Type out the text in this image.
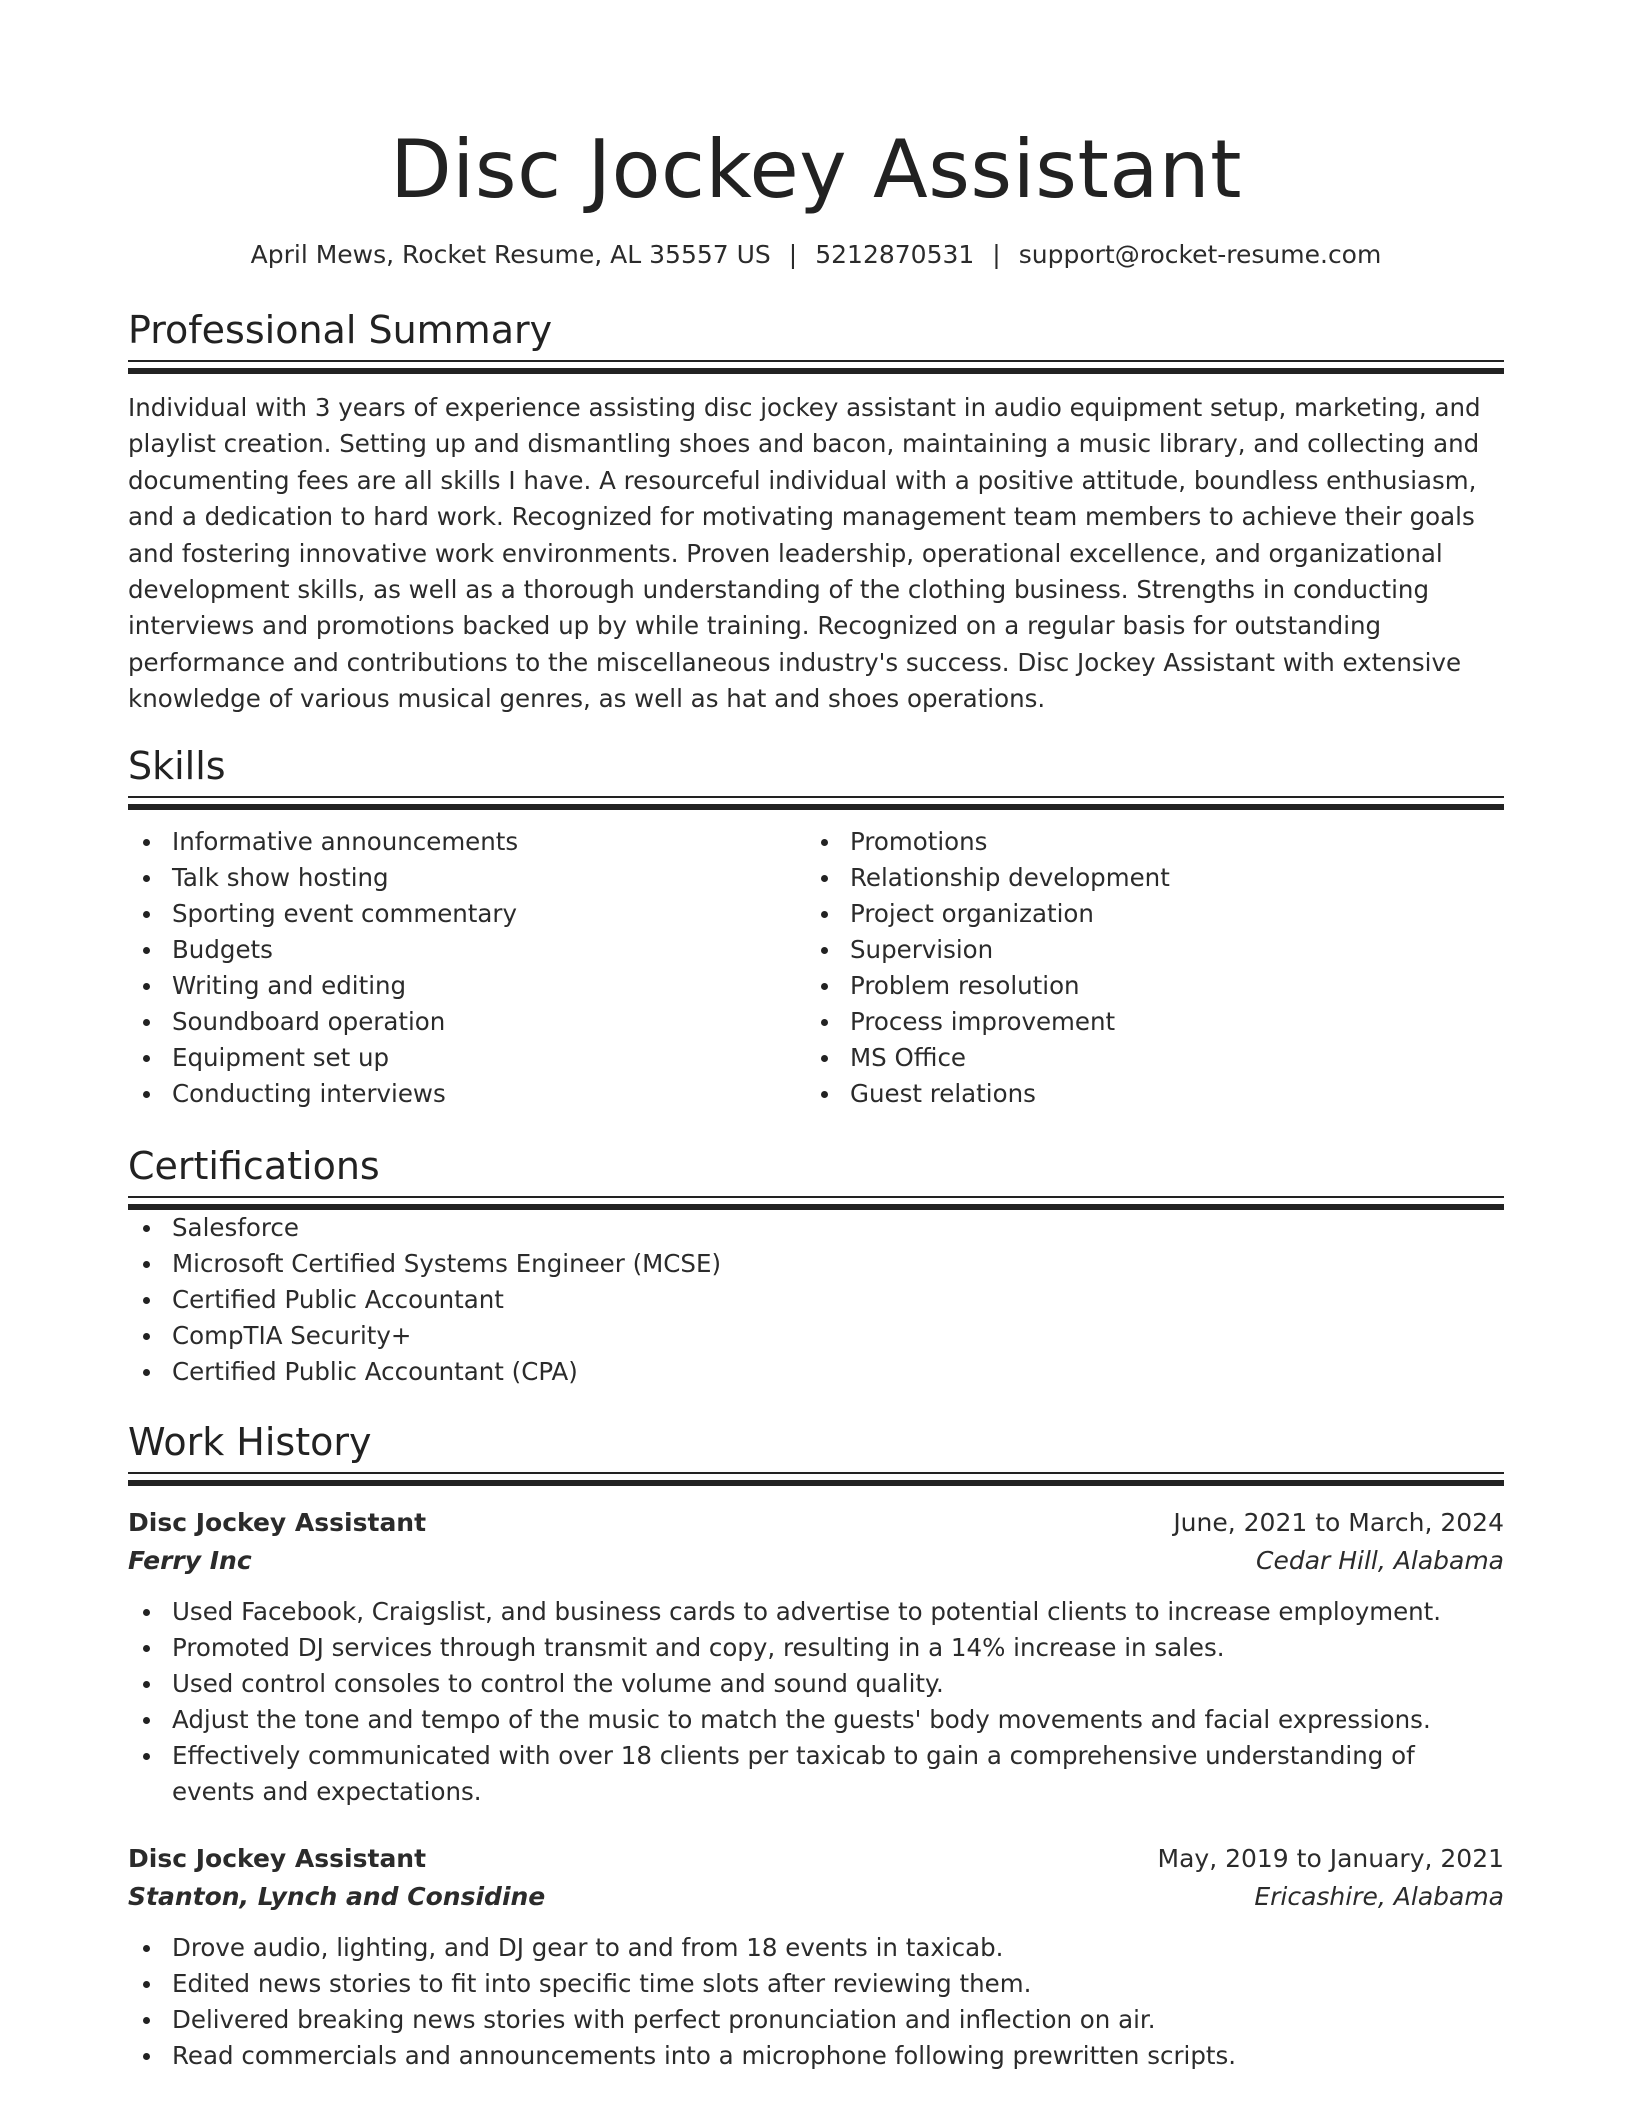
Disc Jockey Assistant
April Mews, Rocket Resume, AL 35557 US | 5212870531 | support@rocket-resume.com
Professional Summary

Individual with 3 years of experience assisting disc jockey assistant in audio equipment setup, marketing, and playlist creation. Setting up and dismantling shoes and bacon, maintaining a music library, and collecting and documenting fees are all skills I have. A resourceful individual with a positive attitude, boundless enthusiasm, and a dedication to hard work. Recognized for motivating management team members to achieve their goals and fostering innovative work environments. Proven leadership, operational excellence, and organizational development skills, as well as a thorough understanding of the clothing business. Strengths in conducting interviews and promotions backed up by while training. Recognized on a regular basis for outstanding performance and contributions to the miscellaneous industry's success. Disc Jockey Assistant with extensive knowledge of various musical genres, as well as hat and shoes operations.

Skills
Informative announcements
Talk show hosting
Sporting event commentary
Budgets
Writing and editing
Soundboard operation
Equipment set up
Conducting interviews
Promotions
Relationship development
Project organization
Supervision
Problem resolution
Process improvement
MS Office
Guest relations
Certifications
Salesforce
Microsoft Certified Systems Engineer (MCSE)
Certified Public Accountant
CompTIA Security+
Certified Public Accountant (CPA)
Work History
Disc Jockey Assistant	June, 2021 to March, 2024
Ferry Inc	Cedar Hill, Alabama
Used Facebook, Craigslist, and business cards to advertise to potential clients to increase employment.
Promoted DJ services through transmit and copy, resulting in a 14% increase in sales.
Used control consoles to control the volume and sound quality.
Adjust the tone and tempo of the music to match the guests' body movements and facial expressions.
Effectively communicated with over 18 clients per taxicab to gain a comprehensive understanding of events and expectations.
Disc Jockey Assistant	May, 2019 to January, 2021
Stanton, Lynch and Considine	Ericashire, Alabama
Drove audio, lighting, and DJ gear to and from 18 events in taxicab.
Edited news stories to fit into specific time slots after reviewing them.
Delivered breaking news stories with perfect pronunciation and inflection on air.
Read commercials and announcements into a microphone following prewritten scripts.
